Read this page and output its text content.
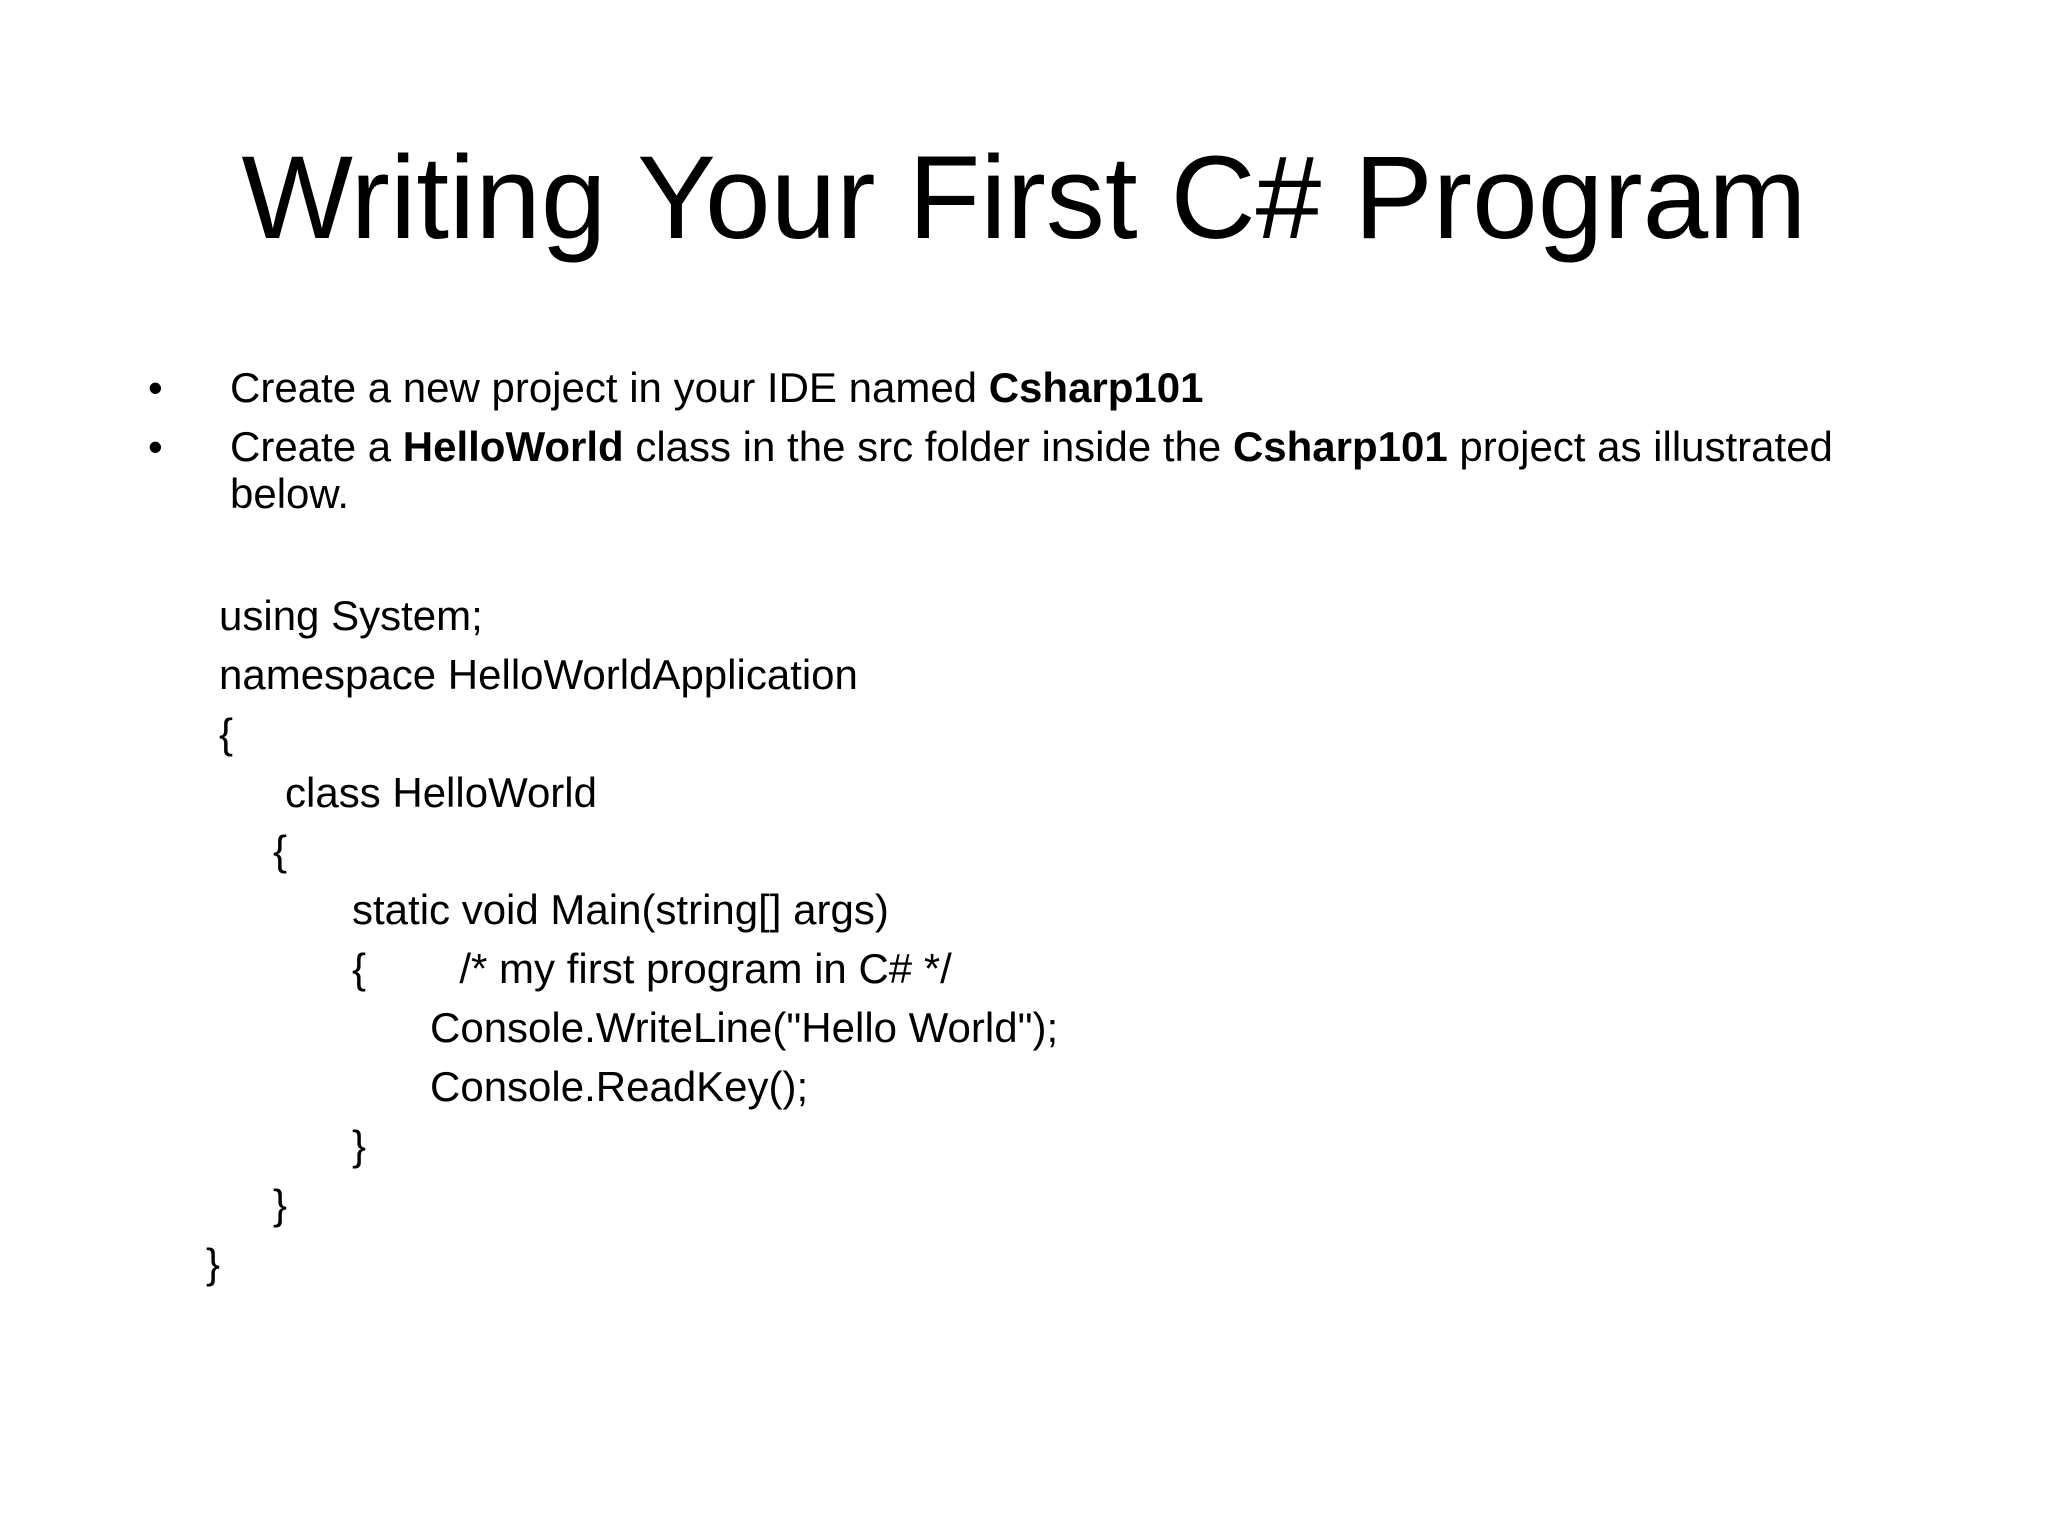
Writing Your First C# Program
• Create a new project in your IDE named Csharp101
• Create a HelloWorld class in the src folder inside the Csharp101 project as illustrated below.
using System;
namespace HelloWorldApplication
{
class HelloWorld
{
static void Main(string[] args)
{        /* my first program in C# */
Console.WriteLine("Hello World");
Console.ReadKey();
}
}
}
